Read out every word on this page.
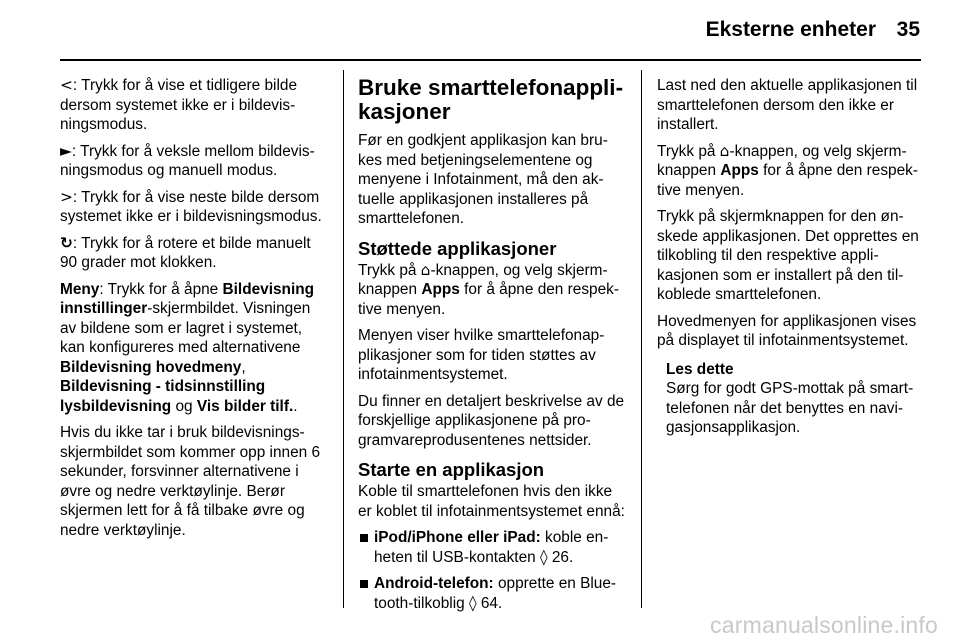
Eksterne enheter 35

<: Trykk for å vise et tidligere bilde dersom systemet ikke er i bildevisningsmodus.

►: Trykk for å veksle mellom bildevisningsmodus og manuell modus.

>: Trykk for å vise neste bilde dersom systemet ikke er i bildevisningsmodus.

↻: Trykk for å rotere et bilde manuelt 90 grader mot klokken.

Meny: Trykk for å åpne Bildevisning innstillinger-skjermbildet. Visningen av bildene som er lagret i systemet, kan konfigureres med alternativene Bildevisning hovedmeny, Bildevisning - tidsinnstilling lysbildevisning og Vis bilder tilf..

Hvis du ikke tar i bruk bildevisningsskjermbildet som kommer opp innen 6 sekunder, forsvinner alternativene i øvre og nedre verktøylinje. Berør skjermen lett for å få tilbake øvre og nedre verktøylinje.

Bruke smarttelefonapplikasjoner

Før en godkjent applikasjon kan brukes med betjeningselementene og menyene i Infotainment, må den aktuelle applikasjonen installeres på smarttelefonen.

Støttede applikasjoner

Trykk på ⌂-knappen, og velg skjermknappen Apps for å åpne den respektive menyen.

Menyen viser hvilke smarttelefonapplikasjoner som for tiden støttes av infotainmentsystemet.

Du finner en detaljert beskrivelse av de forskjellige applikasjonene på programvareprodusentenes nettsider.

Starte en applikasjon

Koble til smarttelefonen hvis den ikke er koblet til infotainmentsystemet ennå:

iPod/iPhone eller iPad: koble enheten til USB-kontakten ◊ 26.
Android-telefon: opprette en Bluetooth-tilkoblig ◊ 64.

Last ned den aktuelle applikasjonen til smarttelefonen dersom den ikke er installert.

Trykk på ⌂-knappen, og velg skjermknappen Apps for å åpne den respektive menyen.

Trykk på skjermknappen for den ønskede applikasjonen. Det opprettes en tilkobling til den respektive applikasjonen som er installert på den tilkoblede smarttelefonen.

Hovedmenyen for applikasjonen vises på displayet til infotainmentsystemet.

Les dette
Sørg for godt GPS-mottak på smarttelefonen når det benyttes en navigasjonsapplikasjon.
carmanualsonline.info
